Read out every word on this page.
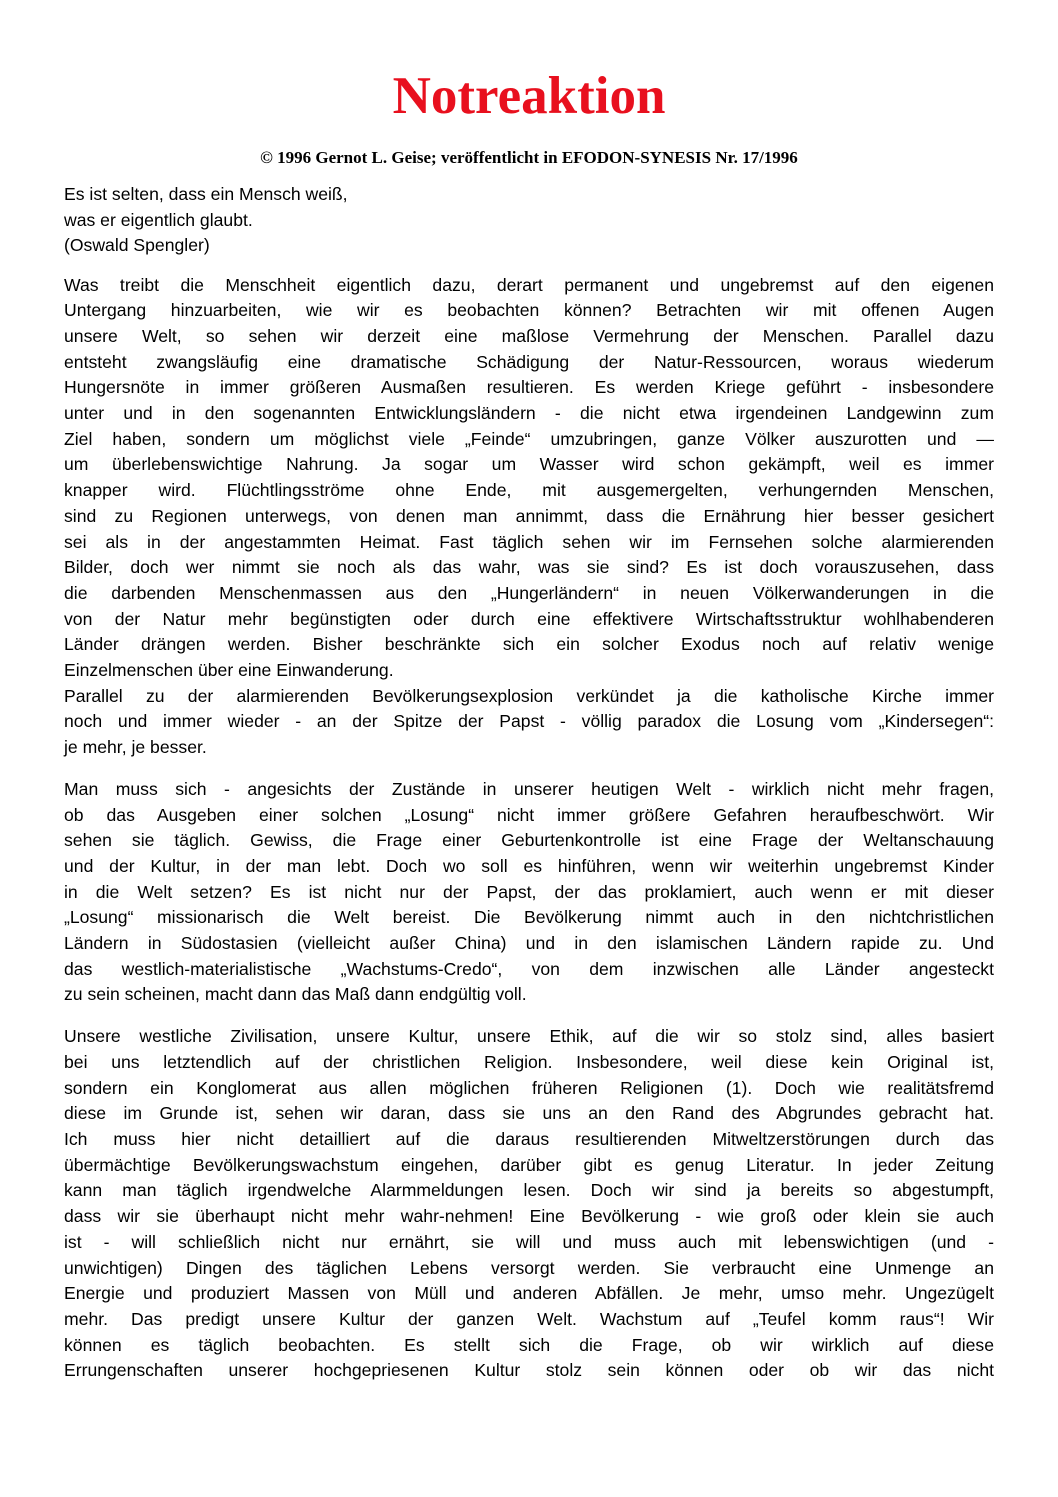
Notreaktion

© 1996 Gernot L. Geise; veröffentlicht in EFODON-SYNESIS Nr. 17/1996

Es ist selten, dass ein Mensch weiß,
was er eigentlich glaubt.
(Oswald Spengler)
Was treibt die Menschheit eigentlich dazu, derart permanent und ungebremst auf den eigenen
Untergang hinzuarbeiten, wie wir es beobachten können? Betrachten wir mit offenen Augen
unsere Welt, so sehen wir derzeit eine maßlose Vermehrung der Menschen. Parallel dazu
entsteht zwangsläufig eine dramatische Schädigung der Natur-Ressourcen, woraus wiederum
Hungersnöte in immer größeren Ausmaßen resultieren. Es werden Kriege geführt - insbesondere
unter und in den sogenannten Entwicklungsländern - die nicht etwa irgendeinen Landgewinn zum
Ziel haben, sondern um möglichst viele „Feinde“ umzubringen, ganze Völker auszurotten und —
um überlebenswichtige Nahrung. Ja sogar um Wasser wird schon gekämpft, weil es immer
knapper wird. Flüchtlingsströme ohne Ende, mit ausgemergelten, verhungernden Menschen,
sind zu Regionen unterwegs, von denen man annimmt, dass die Ernährung hier besser gesichert
sei als in der angestammten Heimat. Fast täglich sehen wir im Fernsehen solche alarmierenden
Bilder, doch wer nimmt sie noch als das wahr, was sie sind? Es ist doch vorauszusehen, dass
die darbenden Menschenmassen aus den „Hungerländern“ in neuen Völkerwanderungen in die
von der Natur mehr begünstigten oder durch eine effektivere Wirtschaftsstruktur wohlhabenderen
Länder drängen werden. Bisher beschränkte sich ein solcher Exodus noch auf relativ wenige
Einzelmenschen über eine Einwanderung.
Parallel zu der alarmierenden Bevölkerungsexplosion verkündet ja die katholische Kirche immer
noch und immer wieder - an der Spitze der Papst - völlig paradox die Losung vom „Kindersegen“:
je mehr, je besser.
Man muss sich - angesichts der Zustände in unserer heutigen Welt - wirklich nicht mehr fragen,
ob das Ausgeben einer solchen „Losung“ nicht immer größere Gefahren heraufbeschwört. Wir
sehen sie täglich. Gewiss, die Frage einer Geburtenkontrolle ist eine Frage der Weltanschauung
und der Kultur, in der man lebt. Doch wo soll es hinführen, wenn wir weiterhin ungebremst Kinder
in die Welt setzen? Es ist nicht nur der Papst, der das proklamiert, auch wenn er mit dieser
„Losung“ missionarisch die Welt bereist. Die Bevölkerung nimmt auch in den nichtchristlichen
Ländern in Südostasien (vielleicht außer China) und in den islamischen Ländern rapide zu. Und
das westlich-materialistische „Wachstums-Credo“, von dem inzwischen alle Länder angesteckt
zu sein scheinen, macht dann das Maß dann endgültig voll.
Unsere westliche Zivilisation, unsere Kultur, unsere Ethik, auf die wir so stolz sind, alles basiert
bei uns letztendlich auf der christlichen Religion. Insbesondere, weil diese kein Original ist,
sondern ein Konglomerat aus allen möglichen früheren Religionen (1). Doch wie realitätsfremd
diese im Grunde ist, sehen wir daran, dass sie uns an den Rand des Abgrundes gebracht hat.
Ich muss hier nicht detailliert auf die daraus resultierenden Mitweltzerstörungen durch das
übermächtige Bevölkerungswachstum eingehen, darüber gibt es genug Literatur. In jeder Zeitung
kann man täglich irgendwelche Alarmmeldungen lesen. Doch wir sind ja bereits so abgestumpft,
dass wir sie überhaupt nicht mehr wahr-nehmen! Eine Bevölkerung - wie groß oder klein sie auch
ist - will schließlich nicht nur ernährt, sie will und muss auch mit lebenswichtigen (und -
unwichtigen) Dingen des täglichen Lebens versorgt werden. Sie verbraucht eine Unmenge an
Energie und produziert Massen von Müll und anderen Abfällen. Je mehr, umso mehr. Ungezügelt
mehr. Das predigt unsere Kultur der ganzen Welt. Wachstum auf „Teufel komm raus“! Wir
können es täglich beobachten. Es stellt sich die Frage, ob wir wirklich auf diese
Errungenschaften unserer hochgepriesenen Kultur stolz sein können oder ob wir das nicht
